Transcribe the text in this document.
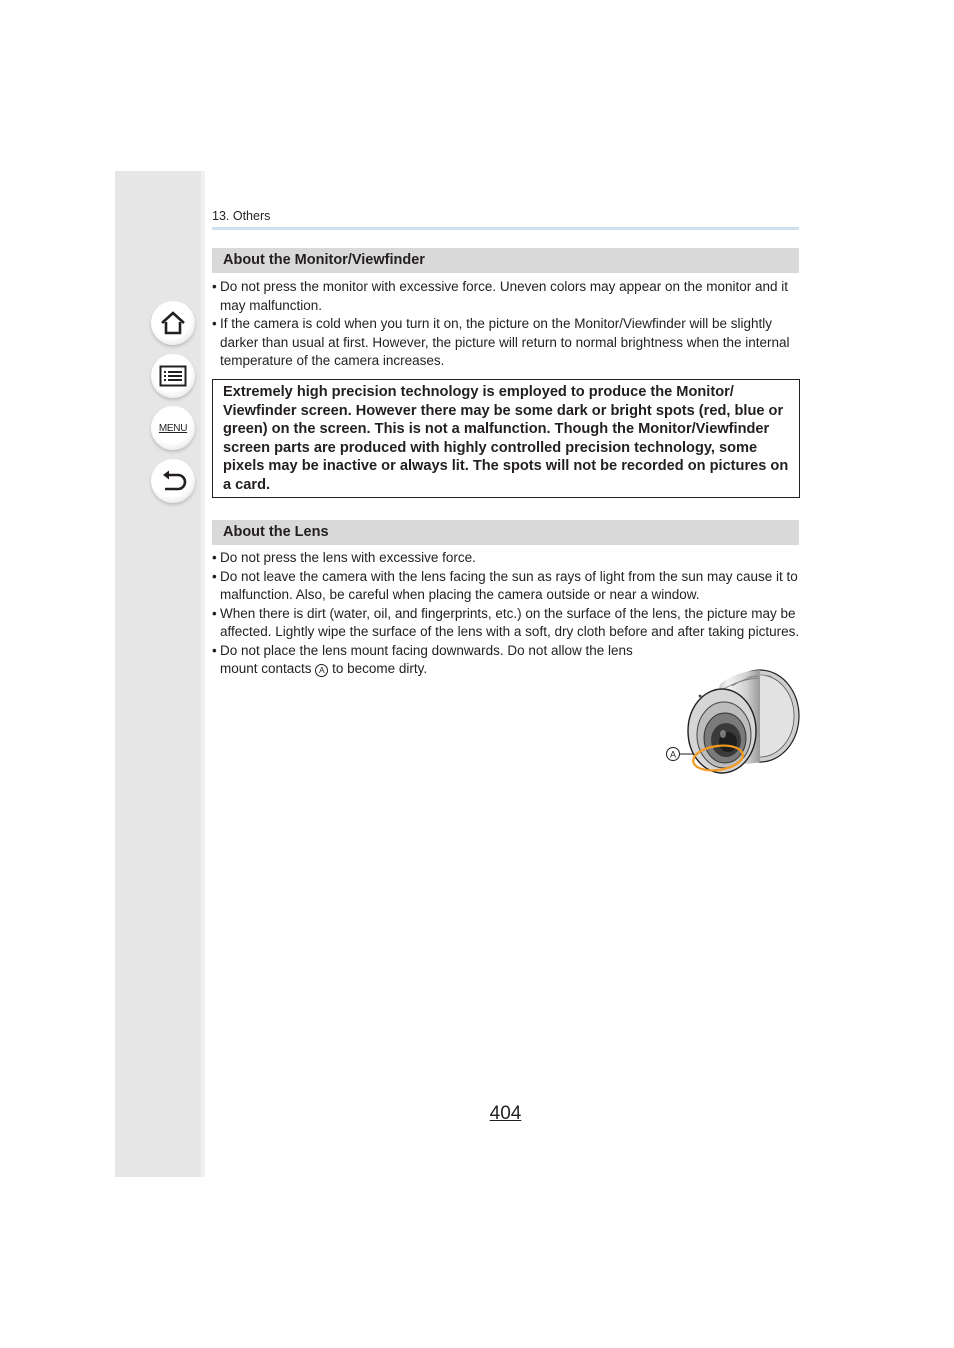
MENU
13. Others
About the Monitor/Viewfinder
• Do not press the monitor with excessive force. Uneven colors may appear on the monitor and it may malfunction.
• If the camera is cold when you turn it on, the picture on the Monitor/Viewfinder will be slightly darker than usual at first. However, the picture will return to normal brightness when the internal temperature of the camera increases.
Extremely high precision technology is employed to produce the Monitor/ Viewfinder screen. However there may be some dark or bright spots (red, blue or green) on the screen. This is not a malfunction. Though the Monitor/Viewfinder screen parts are produced with highly controlled precision technology, some pixels may be inactive or always lit. The spots will not be recorded on pictures on a card.
About the Lens
• Do not press the lens with excessive force.
• Do not leave the camera with the lens facing the sun as rays of light from the sun may cause it to malfunction. Also, be careful when placing the camera outside or near a window.
• When there is dirt (water, oil, and fingerprints, etc.) on the surface of the lens, the picture may be affected. Lightly wipe the surface of the lens with a soft, dry cloth before and after taking pictures.
• Do not place the lens mount facing downwards. Do not allow the lens mount contacts A to become dirty.
A
404
